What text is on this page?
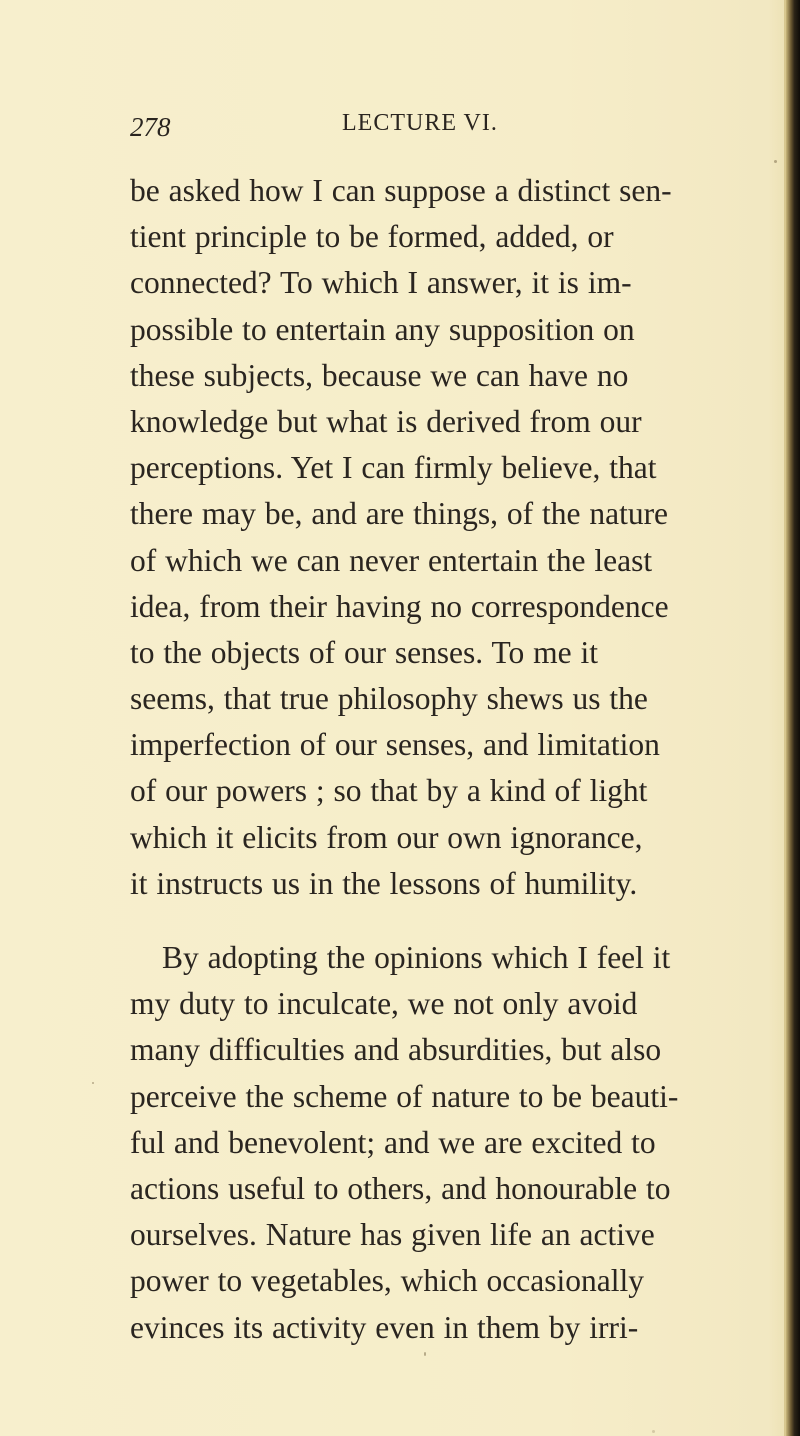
278	LECTURE VI.
be asked how I can suppose a distinct sen-
tient principle to be formed, added, or
connected? To which I answer, it is im-
possible to entertain any supposition on
these subjects, because we can have no
knowledge but what is derived from our
perceptions. Yet I can firmly believe, that
there may be, and are things, of the nature
of which we can never entertain the least
idea, from their having no correspondence
to the objects of our senses. To me it
seems, that true philosophy shews us the
imperfection of our senses, and limitation
of our powers ; so that by a kind of light
which it elicits from our own ignorance,
it instructs us in the lessons of humility.
By adopting the opinions which I feel it
my duty to inculcate, we not only avoid
many difficulties and absurdities, but also
perceive the scheme of nature to be beauti-
ful and benevolent; and we are excited to
actions useful to others, and honourable to
ourselves. Nature has given life an active
power to vegetables, which occasionally
evinces its activity even in them by irri-
